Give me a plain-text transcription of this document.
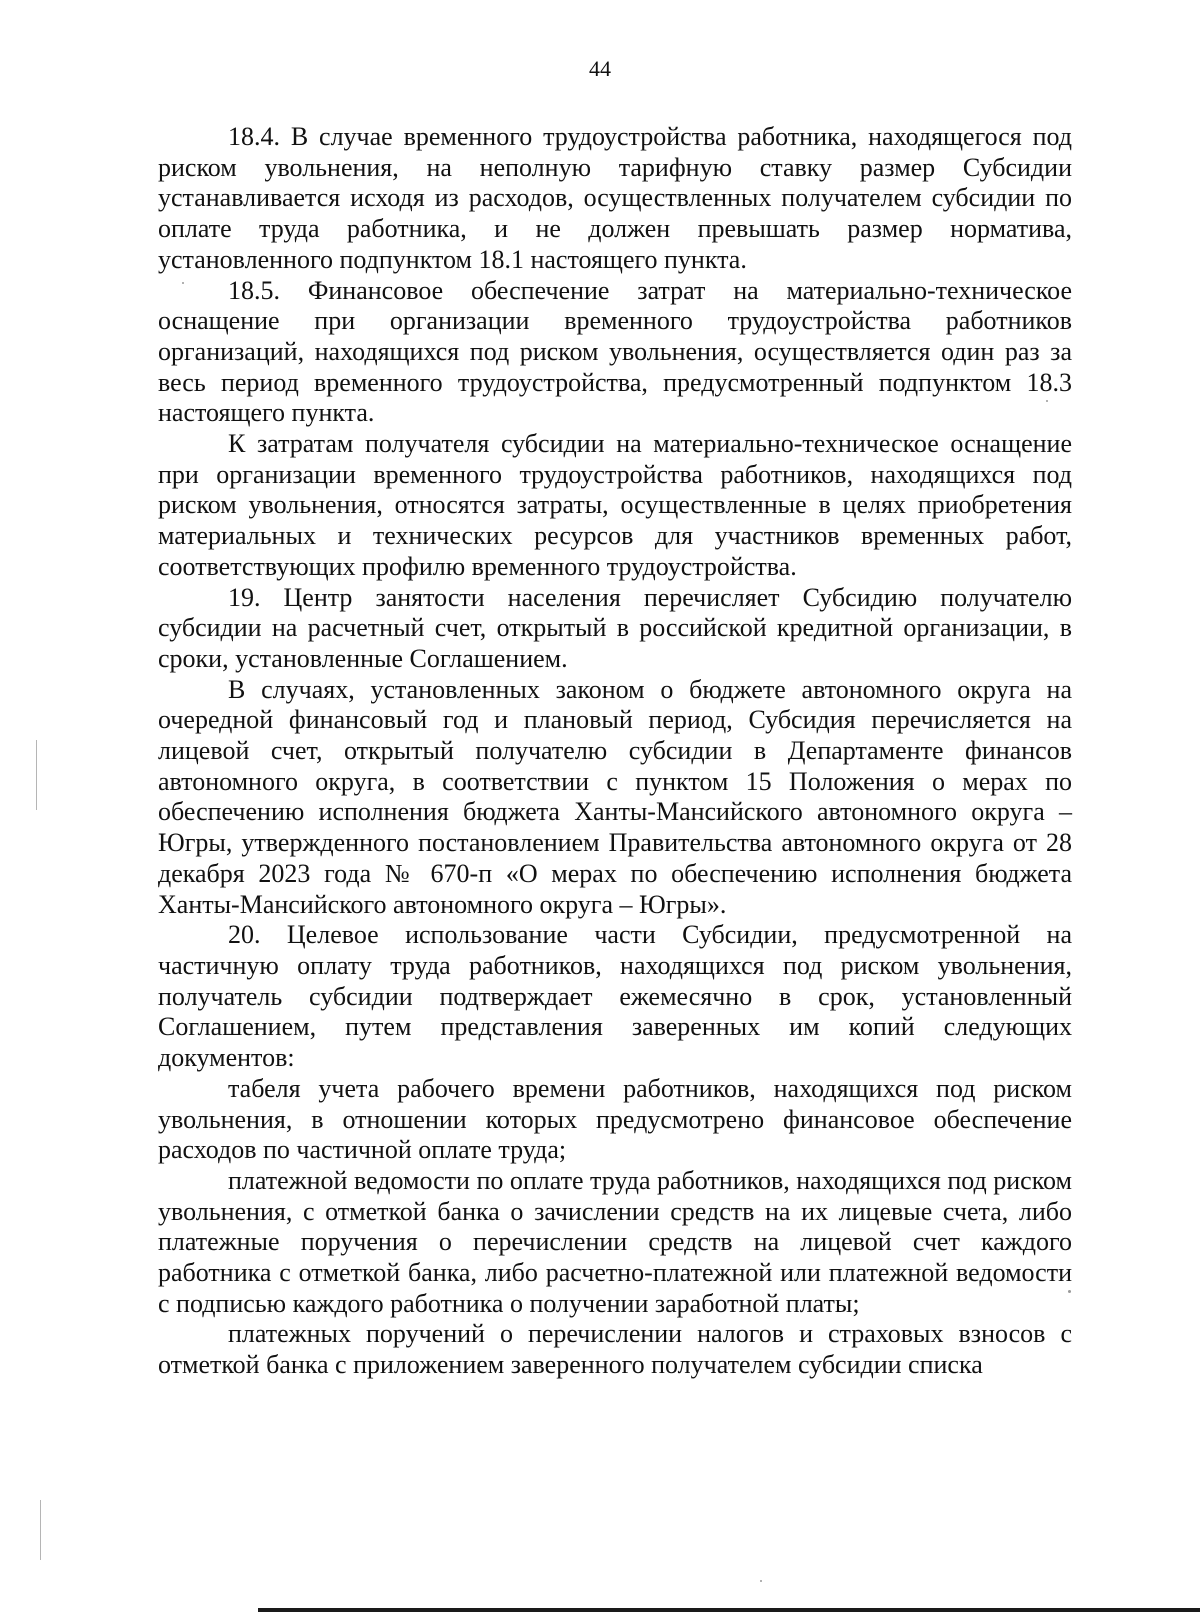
44

18.4. В случае временного трудоустройства работника, находящегося под риском увольнения, на неполную тарифную ставку размер Субсидии устанавливается исходя из расходов, осуществленных получателем субсидии по оплате труда работника, и не должен превышать размер норматива, установленного подпунктом 18.1 настоящего пункта.

18.5. Финансовое обеспечение затрат на материально-техническое оснащение при организации временного трудоустройства работников организаций, находящихся под риском увольнения, осуществляется один раз за весь период временного трудоустройства, предусмотренный подпунктом 18.3 настоящего пункта.

К затратам получателя субсидии на материально-техническое оснащение при организации временного трудоустройства работников, находящихся под риском увольнения, относятся затраты, осуществленные в целях приобретения материальных и технических ресурсов для участников временных работ, соответствующих профилю временного трудоустройства.

19. Центр занятости населения перечисляет Субсидию получателю субсидии на расчетный счет, открытый в российской кредитной организации, в сроки, установленные Соглашением.

В случаях, установленных законом о бюджете автономного округа на очередной финансовый год и плановый период, Субсидия перечисляется на лицевой счет, открытый получателю субсидии в Департаменте финансов автономного округа, в соответствии с пунктом 15 Положения о мерах по обеспечению исполнения бюджета Ханты-Мансийского автономного округа – Югры, утвержденного постановлением Правительства автономного округа от 28 декабря 2023 года № 670-п «О мерах по обеспечению исполнения бюджета Ханты-Мансийского автономного округа – Югры».

20. Целевое использование части Субсидии, предусмотренной на частичную оплату труда работников, находящихся под риском увольнения, получатель субсидии подтверждает ежемесячно в срок, установленный Соглашением, путем представления заверенных им копий следующих документов:

табеля учета рабочего времени работников, находящихся под риском увольнения, в отношении которых предусмотрено финансовое обеспечение расходов по частичной оплате труда;

платежной ведомости по оплате труда работников, находящихся под риском увольнения, с отметкой банка о зачислении средств на их лицевые счета, либо платежные поручения о перечислении средств на лицевой счет каждого работника с отметкой банка, либо расчетно-платежной или платежной ведомости с подписью каждого работника о получении заработной платы;

платежных поручений о перечислении налогов и страховых взносов с отметкой банка с приложением заверенного получателем субсидии списка
